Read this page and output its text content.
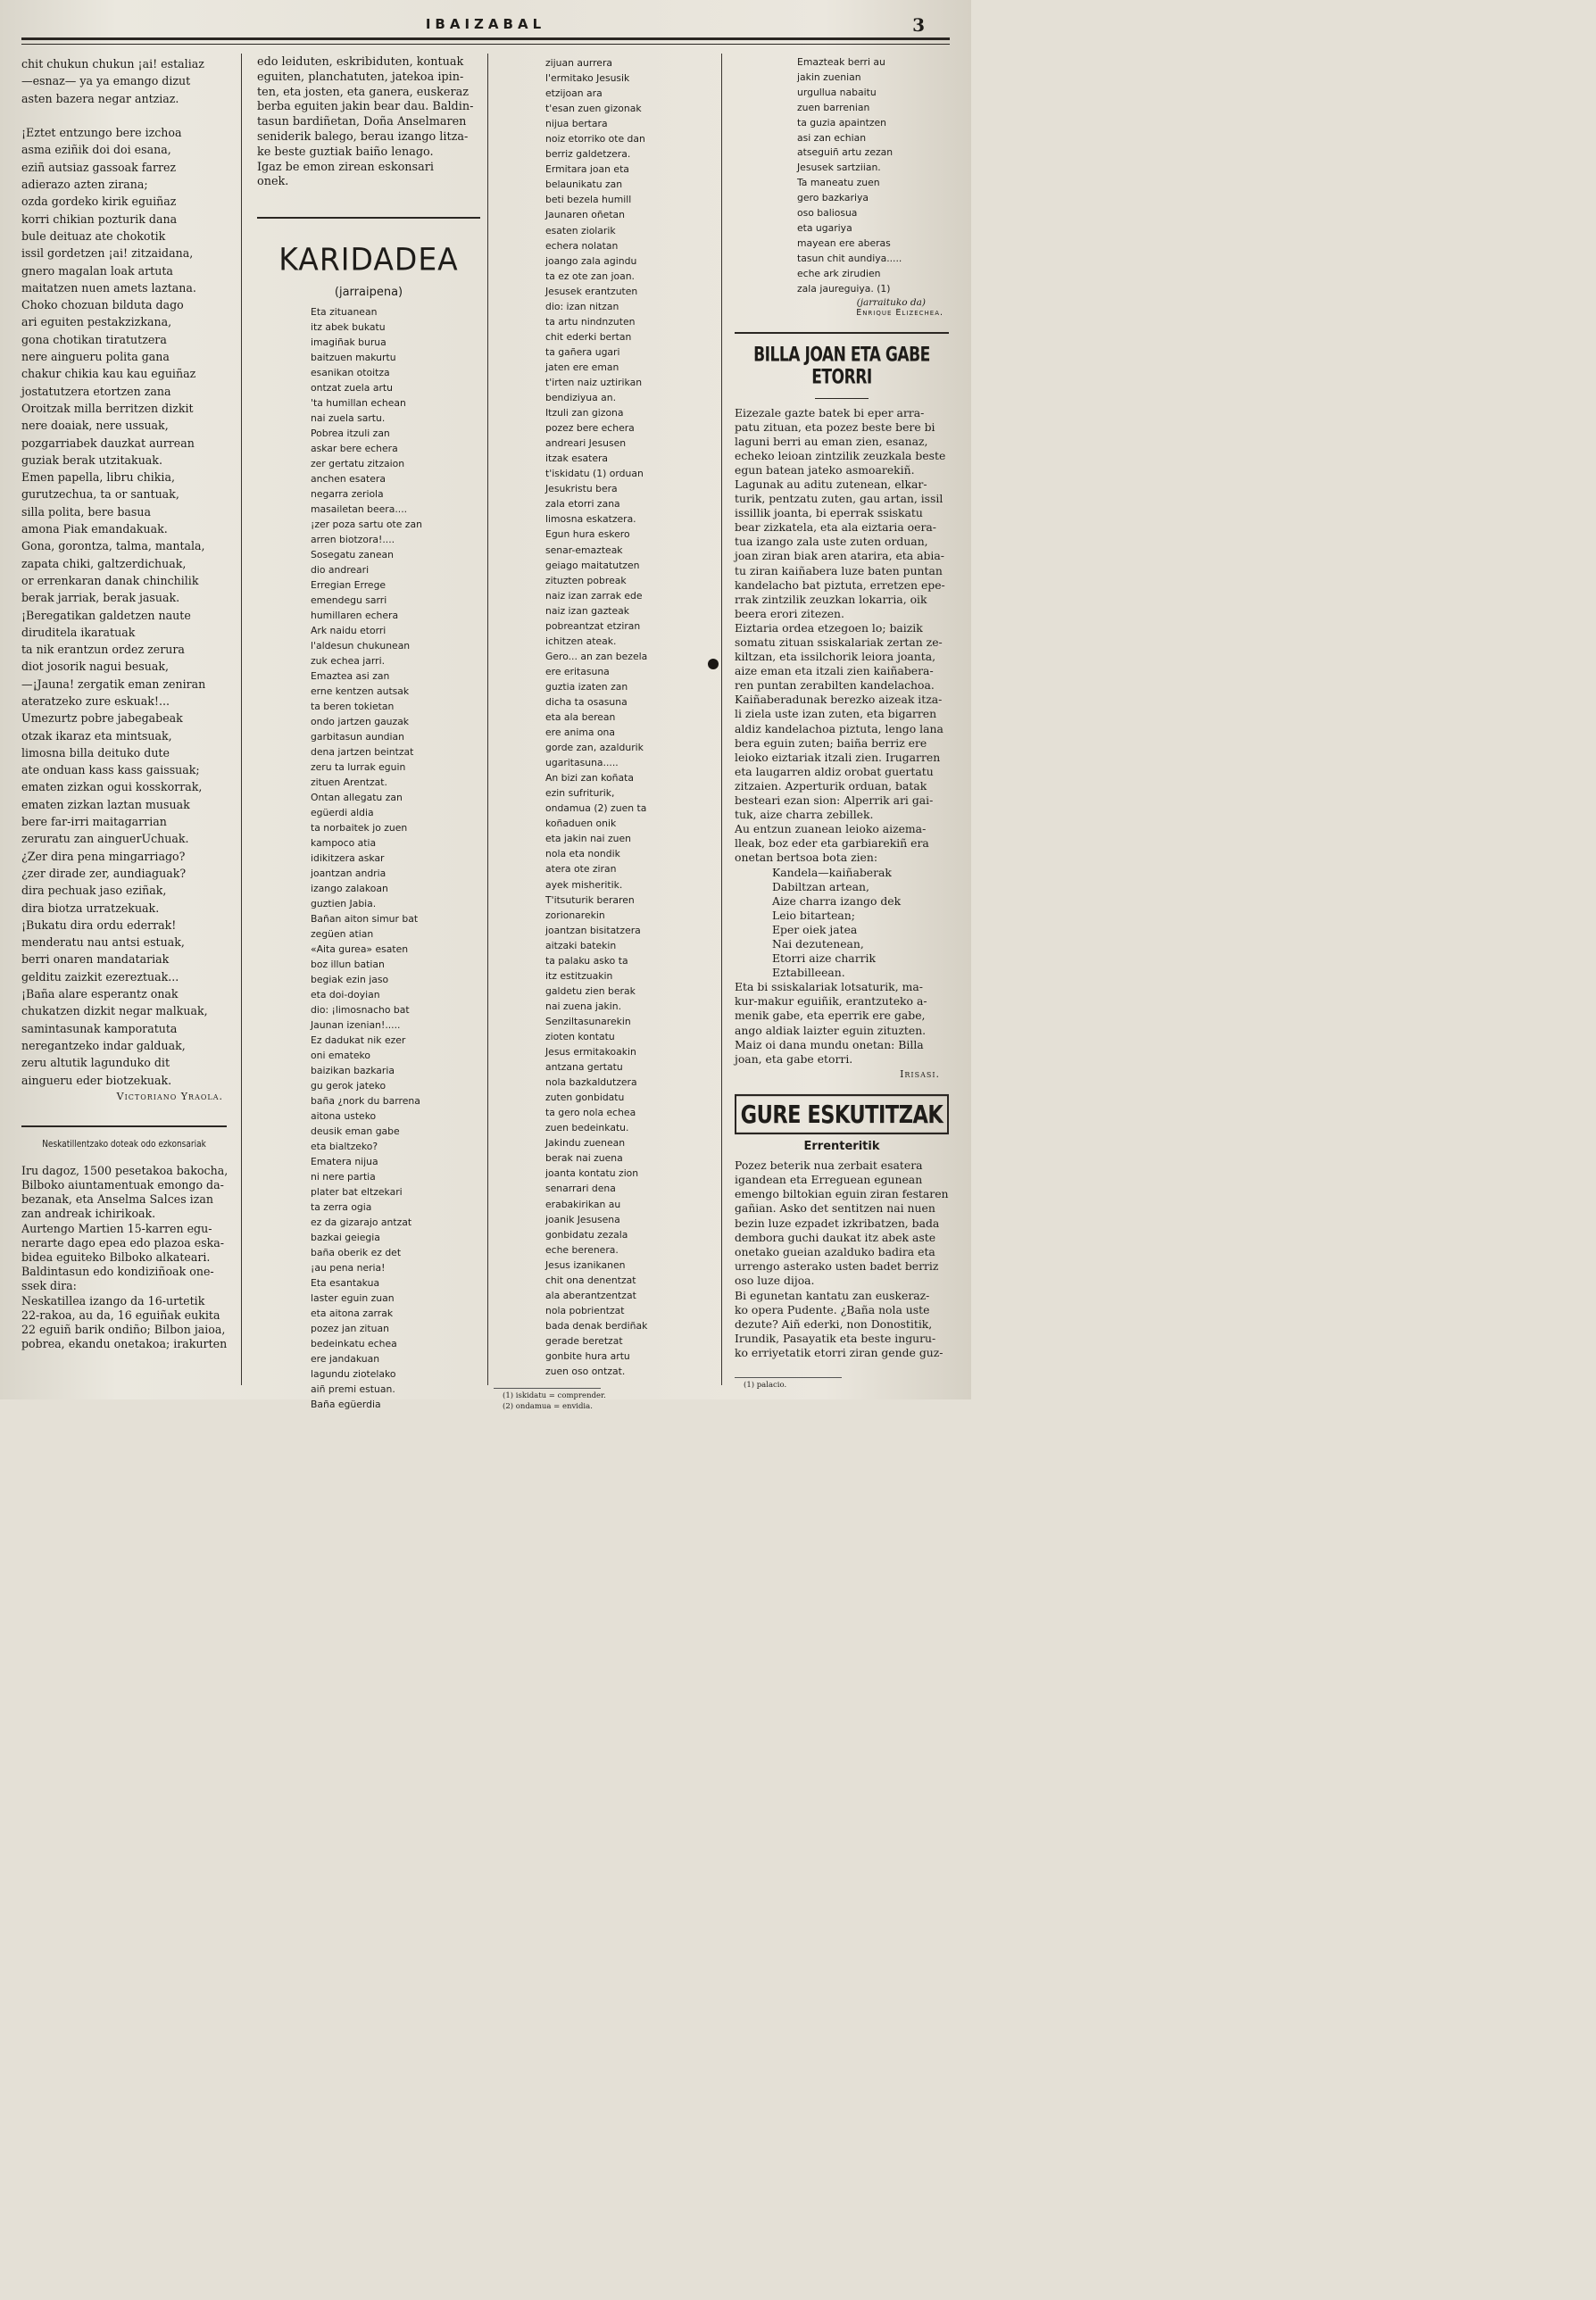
IBAIZABAL	3
chit chukun chukun ¡ai! estaliaz
—esnaz— ya ya emango dizut
asten bazera negar antziaz.

¡Eztet entzungo bere izchoa
asma eziñik doi doi esana,
eziñ autsiaz gassoak farrez
adierazo azten zirana;
ozda gordeko kirik eguiñaz
korri chikian pozturik dana
bule deituaz ate chokotik
issil gordetzen ¡ai! zitzaidana,
gnero magalan loak artuta
maitatzen nuen amets laztana.
Choko chozuan bilduta dago
ari eguiten pestakzizkana,
gona chotikan tiratutzera
nere aingueru polita gana
chakur chikia kau kau eguiñaz
jostatutzera etortzen zana
Oroitzak milla berritzen dizkit
nere doaiak, nere ussuak,
pozgarriabek dauzkat aurrean
guziak berak utzitakuak.
Emen papella, libru chikia,
gurutzechua, ta or santuak,
silla polita, bere basua
amona Piak emandakuak.
Gona, gorontza, talma, mantala,
zapata chiki, galtzerdichuak,
or errenkaran danak chinchilik
berak jarriak, berak jasuak.
¡Beregatikan galdetzen naute
diruditela ikaratuak
ta nik erantzun ordez zerura
diot josorik nagui besuak,
—¡Jauna! zergatik eman zeniran
ateratzeko zure eskuak!...
Umezurtz pobre jabegabeak
otzak ikaraz eta mintsuak,
limosna billa deituko dute
ate onduan kass kass gaissuak;
ematen zizkan ogui kosskorrak,
ematen zizkan laztan musuak
bere far-irri maitagarrian
zeruratu zan ainguerUchuak.
¿Zer dira pena mingarriago?
¿zer dirade zer, aundiaguak?
dira pechuak jaso eziñak,
dira biotza urratzekuak.
¡Bukatu dira ordu ederrak!
menderatu nau antsi estuak,
berri onaren mandatariak
gelditu zaizkit ezereztuak...
¡Baña alare esperantz onak
chukatzen dizkit negar malkuak,
samintasunak kamporatuta
neregantzeko indar galduak,
zeru altutik lagunduko dit
aingueru eder biotzekuak.
Victoriano Yraola.
Neskatillentzako doteak odo ezkonsariak
Iru dagoz, 1500 pesetakoa bakocha,
Bilboko aiuntamentuak emongo da-
bezanak, eta Anselma Salces izan
zan andreak ichirikoak.
Aurtengo Martien 15-karren egu-
nerarte dago epea edo plazoa eska-
bidea eguiteko Bilboko alkateari.
Baldintasun edo kondiziñoak one-
ssek dira:
Neskatillea izango da 16-urtetik
22-rakoa, au da, 16 eguiñak eukita
22 eguiñ barik ondiño; Bilbon jaioa,
pobrea, ekandu onetakoa; irakurten
edo leiduten, eskribiduten, kontuak
eguiten, planchatuten, jatekoa ipin-
ten, eta josten, eta ganera, euskeraz
berba eguiten jakin bear dau. Baldin-
tasun bardiñetan, Doña Anselmaren
seniderik balego, berau izango litza-
ke beste guztiak baiño lenago.
Igaz be emon zirean eskonsari
onek.
KARIDADEA
(jarraipena)
Eta zituanean
itz abek bukatu
imagiñak burua
baitzuen makurtu
esanikan otoitza
ontzat zuela artu
'ta humillan echean
nai zuela sartu.
Pobrea itzuli zan
askar bere echera
zer gertatu zitzaion
anchen esatera
negarra zeriola
masailetan beera....
¡zer poza sartu ote zan
arren biotzora!....
Sosegatu zanean
dio andreari
Erregian Errege
emendegu sarri
humillaren echera
Ark naidu etorri
l'aldesun chukunean
zuk echea jarri.
Emaztea asi zan
erne kentzen autsak
ta beren tokietan
ondo jartzen gauzak
garbitasun aundian
dena jartzen beintzat
zeru ta lurrak eguin
zituen Arentzat.
Ontan allegatu zan
egüerdi aldia
ta norbaitek jo zuen
kampoco atia
idikitzera askar
joantzan andria
izango zalakoan
guztien Jabia.
Bañan aiton simur bat
zegüen atian
«Aita gurea» esaten
boz illun batian
begiak ezin jaso
eta doi-doyian
dio: ¡limosnacho bat
Jaunan izenian!.....
Ez dadukat nik ezer
oni emateko
baizikan bazkaria
gu gerok jateko
baña ¿nork du barrena
aitona usteko
deusik eman gabe
eta bialtzeko?
Ematera nijua
ni nere partia
plater bat eltzekari
ta zerra ogia
ez da gizarajo antzat
bazkai geiegia
baña oberik ez det
¡au pena neria!
Eta esantakua
laster eguin zuan
eta aitona zarrak
pozez jan zituan
bedeinkatu echea
ere jandakuan
lagundu ziotelako
aiñ premi estuan.
Baña egüerdia
zijuan aurrera
l'ermitako Jesusik
etzijoan ara
t'esan zuen gizonak
nijua bertara
noiz etorriko ote dan
berriz galdetzera.
Ermitara joan eta
belaunikatu zan
beti bezela humill
Jaunaren oñetan
esaten ziolarik
echera nolatan
joango zala agindu
ta ez ote zan joan.
Jesusek erantzuten
dio: izan nitzan
ta artu nindnzuten
chit ederki bertan
ta gañera ugari
jaten ere eman
t'irten naiz uztirikan
bendiziyua an.
Itzuli zan gizona
pozez bere echera
andreari Jesusen
itzak esatera
t'iskidatu (1) orduan
Jesukristu bera
zala etorri zana
limosna eskatzera.
Egun hura eskero
senar-emazteak
geiago maitatutzen
zituzten pobreak
naiz izan zarrak ede
naiz izan gazteak
pobreantzat etziran
ichitzen ateak.
Gero... an zan bezela
ere eritasuna
guztia izaten zan
dicha ta osasuna
eta ala berean
ere anima ona
gorde zan, azaldurik
ugaritasuna.....
An bizi zan koñata
ezin sufriturik,
ondamua (2) zuen ta
koñaduen onik
eta jakin nai zuen
nola eta nondik
atera ote ziran
ayek misheritik.
T'itsuturik beraren
zorionarekin
joantzan bisitatzera
aitzaki batekin
ta palaku asko ta
itz estitzuakin
galdetu zien berak
nai zuena jakin.
Senziltasunarekin
zioten kontatu
Jesus ermitakoakin
antzana gertatu
nola bazkaldutzera
zuten gonbidatu
ta gero nola echea
zuen bedeinkatu.
Jakindu zuenean
berak nai zuena
joanta kontatu zion
senarrari dena
erabakirikan au
joanik Jesusena
gonbidatu zezala
eche berenera.
Jesus izanikanen
chit ona denentzat
ala aberantzentzat
nola pobrientzat
bada denak berdiñak
gerade beretzat
gonbite hura artu
zuen oso ontzat.
(1) iskidatu = comprender.
(2) ondamua = envidia.
Emazteak berri au
jakin zuenian
urgullua nabaitu
zuen barrenian
ta guzia apaintzen
asi zan echian
atseguiñ artu zezan
Jesusek sartziian.
Ta maneatu zuen
gero bazkariya
oso baliosua
eta ugariya
mayean ere aberas
tasun chit aundiya.....
eche ark zirudien
zala jaureguiya. (1)
(jarraituko da)
Enrique Elizechea.
BILLA JOAN ETA GABE ETORRI
Eizezale gazte batek bi eper arra-
patu zituan, eta pozez beste bere bi
laguni berri au eman zien, esanaz,
echeko leioan zintzilik zeuzkala beste
egun batean jateko asmoarekiñ.
Lagunak au aditu zutenean, elkar-
turik, pentzatu zuten, gau artan, issil
issillik joanta, bi eperrak ssiskatu
bear zizkatela, eta ala eiztaria oera-
tua izango zala uste zuten orduan,
joan ziran biak aren atarira, eta abia-
tu ziran kaiñabera luze baten puntan
kandelacho bat piztuta, erretzen epe-
rrak zintzilik zeuzkan lokarria, oik
beera erori zitezen.
Eiztaria ordea etzegoen lo; baizik
somatu zituan ssiskalariak zertan ze-
kiltzan, eta issilchorik leiora joanta,
aize eman eta itzali zien kaiñabera-
ren puntan zerabilten kandelachoa.
Kaiñaberadunak berezko aizeak itza-
li ziela uste izan zuten, eta bigarren
aldiz kandelachoa piztuta, lengo lana
bera eguin zuten; baiña berriz ere
leioko eiztariak itzali zien. Irugarren
eta laugarren aldiz orobat guertatu
zitzaien. Azperturik orduan, batak
besteari ezan sion: Alperrik ari gai-
tuk, aize charra zebillek.
Au entzun zuanean leioko aizema-
lleak, boz eder eta garbiarekiñ era
onetan bertsoa bota zien:
Kandela—kaiñaberak
Dabiltzan artean,
Aize charra izango dek
Leio bitartean;
Eper oiek jatea
Nai dezutenean,
Etorri aize charrik
Eztabilleean.
Eta bi ssiskalariak lotsaturik, ma-
kur-makur eguiñik, erantzuteko a-
menik gabe, eta eperrik ere gabe,
ango aldiak laizter eguin zituzten.
Maiz oi dana mundu onetan: Billa
joan, eta gabe etorri.
Irisasi.
GURE ESKUTITZAK
Errenteritik
Pozez beterik nua zerbait esatera
igandean eta Erreguean egunean
emengo biltokian eguin ziran festaren
gañian. Asko det sentitzen nai nuen
bezin luze ezpadet izkribatzen, bada
dembora guchi daukat itz abek aste
onetako gueian azalduko badira eta
urrengo asterako usten badet berriz
oso luze dijoa.
Bi egunetan kantatu zan euskeraz-
ko opera Pudente. ¿Baña nola uste
dezute? Aiñ ederki, non Donostitik,
Irundik, Pasayatik eta beste inguru-
ko erriyetatik etorri ziran gende guz-
(1) palacio.
